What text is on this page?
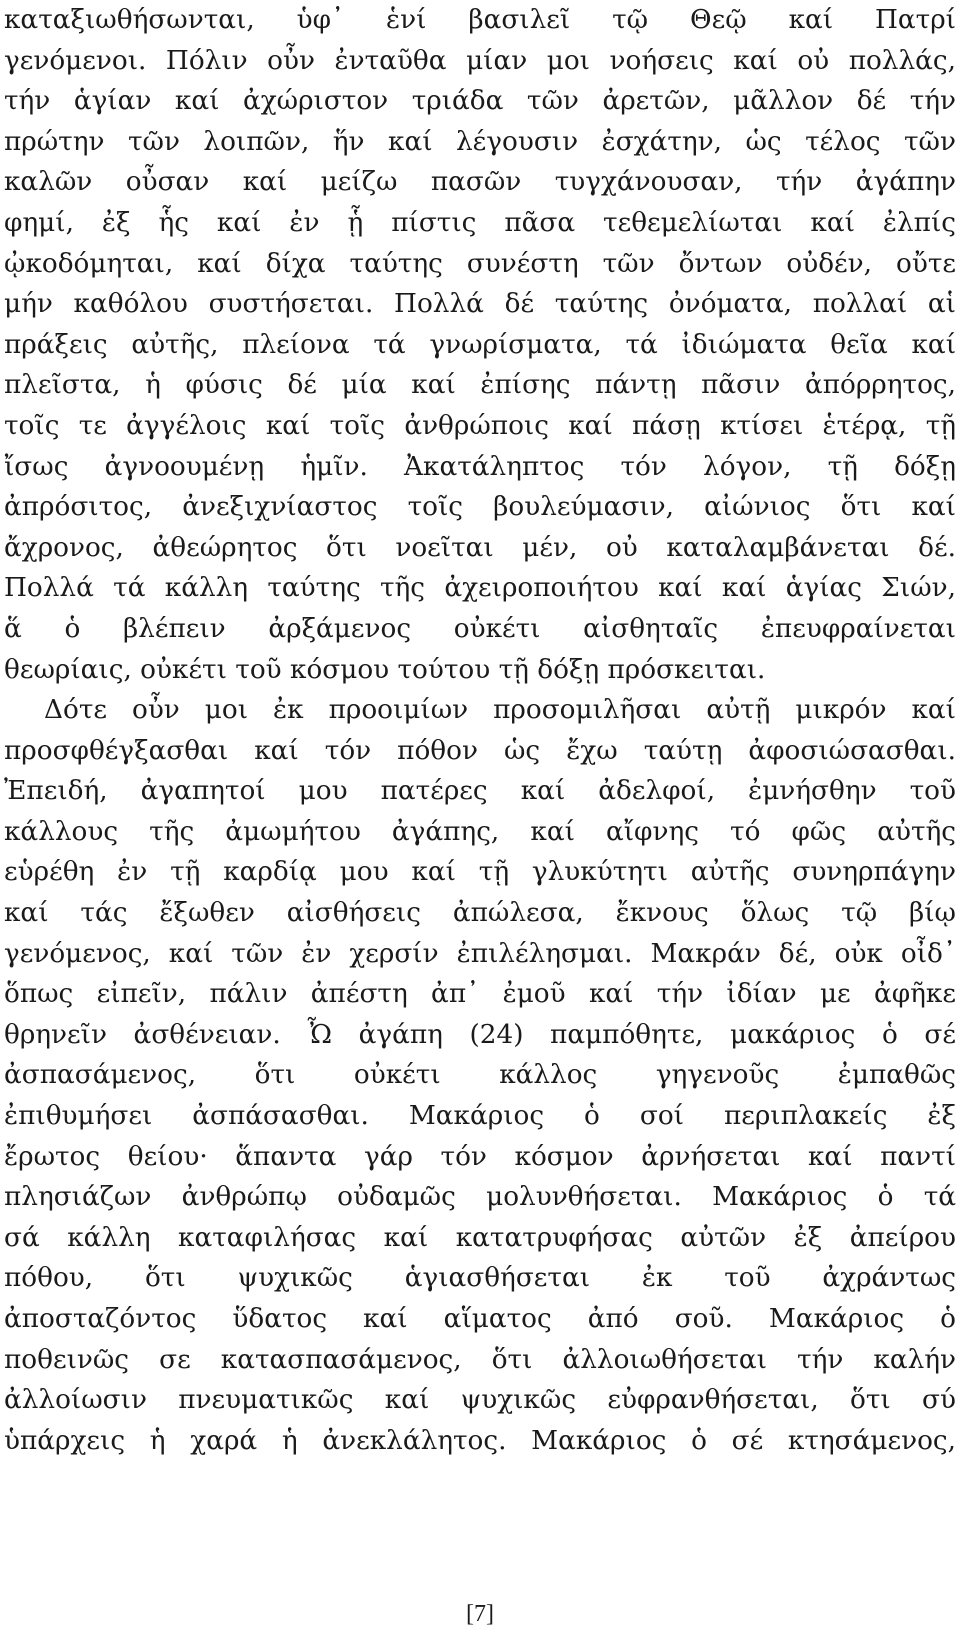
καταξιωθήσωνται, ὑφ᾽ ἑνί βασιλεῖ τῷ Θεῷ καί Πατρί
γενόμενοι. Πόλιν οὖν ἐνταῦθα μίαν μοι νοήσεις καί οὐ πολλάς,
τήν ἁγίαν καί ἀχώριστον τριάδα τῶν ἀρετῶν, μᾶλλον δέ τήν
πρώτην τῶν λοιπῶν, ἥν καί λέγουσιν ἐσχάτην, ὡς τέλος τῶν
καλῶν οὖσαν καί μείζω πασῶν τυγχάνουσαν, τήν ἀγάπην
φημί, ἐξ ἧς καί ἐν ᾗ πίστις πᾶσα τεθεμελίωται καί ἐλπίς
ᾠκοδόμηται, καί δίχα ταύτης συνέστη τῶν ὄντων οὐδέν, οὔτε
μήν καθόλου συστήσεται. Πολλά δέ ταύτης ὀνόματα, πολλαί αἱ
πράξεις αὐτῆς, πλείονα τά γνωρίσματα, τά ἰδιώματα θεῖα καί
πλεῖστα, ἡ φύσις δέ μία καί ἐπίσης πάντῃ πᾶσιν ἀπόρρητος,
τοῖς τε ἀγγέλοις καί τοῖς ἀνθρώποις καί πάσῃ κτίσει ἑτέρᾳ, τῇ
ἴσως ἀγνοουμένῃ ἡμῖν. Ἀκατάληπτος τόν λόγον, τῇ δόξῃ
ἀπρόσιτος, ἀνεξιχνίαστος τοῖς βουλεύμασιν, αἰώνιος ὅτι καί
ἄχρονος, ἀθεώρητος ὅτι νοεῖται μέν, οὐ καταλαμβάνεται δέ.
Πολλά τά κάλλη ταύτης τῆς ἀχειροποιήτου καί καί ἁγίας Σιών,
ἅ ὁ βλέπειν ἀρξάμενος οὐκέτι αἰσθηταῖς ἐπευφραίνεται
θεωρίαις, οὐκέτι τοῦ κόσμου τούτου τῇ δόξῃ πρόσκειται.
Δότε οὖν μοι ἐκ προοιμίων προσομιλῆσαι αὐτῇ μικρόν καί
προσφθέγξασθαι καί τόν πόθον ὡς ἔχω ταύτῃ ἀφοσιώσασθαι.
Ἐπειδή, ἀγαπητοί μου πατέρες καί ἀδελφοί, ἐμνήσθην τοῦ
κάλλους τῆς ἀμωμήτου ἀγάπης, καί αἴφνης τό φῶς αὐτῆς
εὑρέθη ἐν τῇ καρδίᾳ μου καί τῇ γλυκύτητι αὐτῆς συνηρπάγην
καί τάς ἔξωθεν αἰσθήσεις ἀπώλεσα, ἔκνους ὅλως τῷ βίῳ
γενόμενος, καί τῶν ἐν χερσίν ἐπιλέλησμαι. Μακράν δέ, οὐκ οἶδ᾽
ὅπως εἰπεῖν, πάλιν ἀπέστη ἀπ᾽ ἐμοῦ καί τήν ἰδίαν με ἀφῆκε
θρηνεῖν ἀσθένειαν. Ὦ ἀγάπη (24) παμπόθητε, μακάριος ὁ σέ
ἀσπασάμενος, ὅτι οὐκέτι κάλλος γηγενοῦς ἐμπαθῶς
ἐπιθυμήσει ἀσπάσασθαι. Μακάριος ὁ σοί περιπλακείς ἐξ
ἔρωτος θείου· ἅπαντα γάρ τόν κόσμον ἀρνήσεται καί παντί
πλησιάζων ἀνθρώπῳ οὐδαμῶς μολυνθήσεται. Μακάριος ὁ τά
σά κάλλη καταφιλήσας καί κατατρυφήσας αὐτῶν ἐξ ἀπείρου
πόθου, ὅτι ψυχικῶς ἁγιασθήσεται ἐκ τοῦ ἀχράντως
ἀποσταζόντος ὕδατος καί αἵματος ἀπό σοῦ. Μακάριος ὁ
ποθεινῶς σε κατασπασάμενος, ὅτι ἀλλοιωθήσεται τήν καλήν
ἀλλοίωσιν πνευματικῶς καί ψυχικῶς εὐφρανθήσεται, ὅτι σύ
ὑπάρχεις ἡ χαρά ἡ ἀνεκλάλητος. Μακάριος ὁ σέ κτησάμενος,
[7]
